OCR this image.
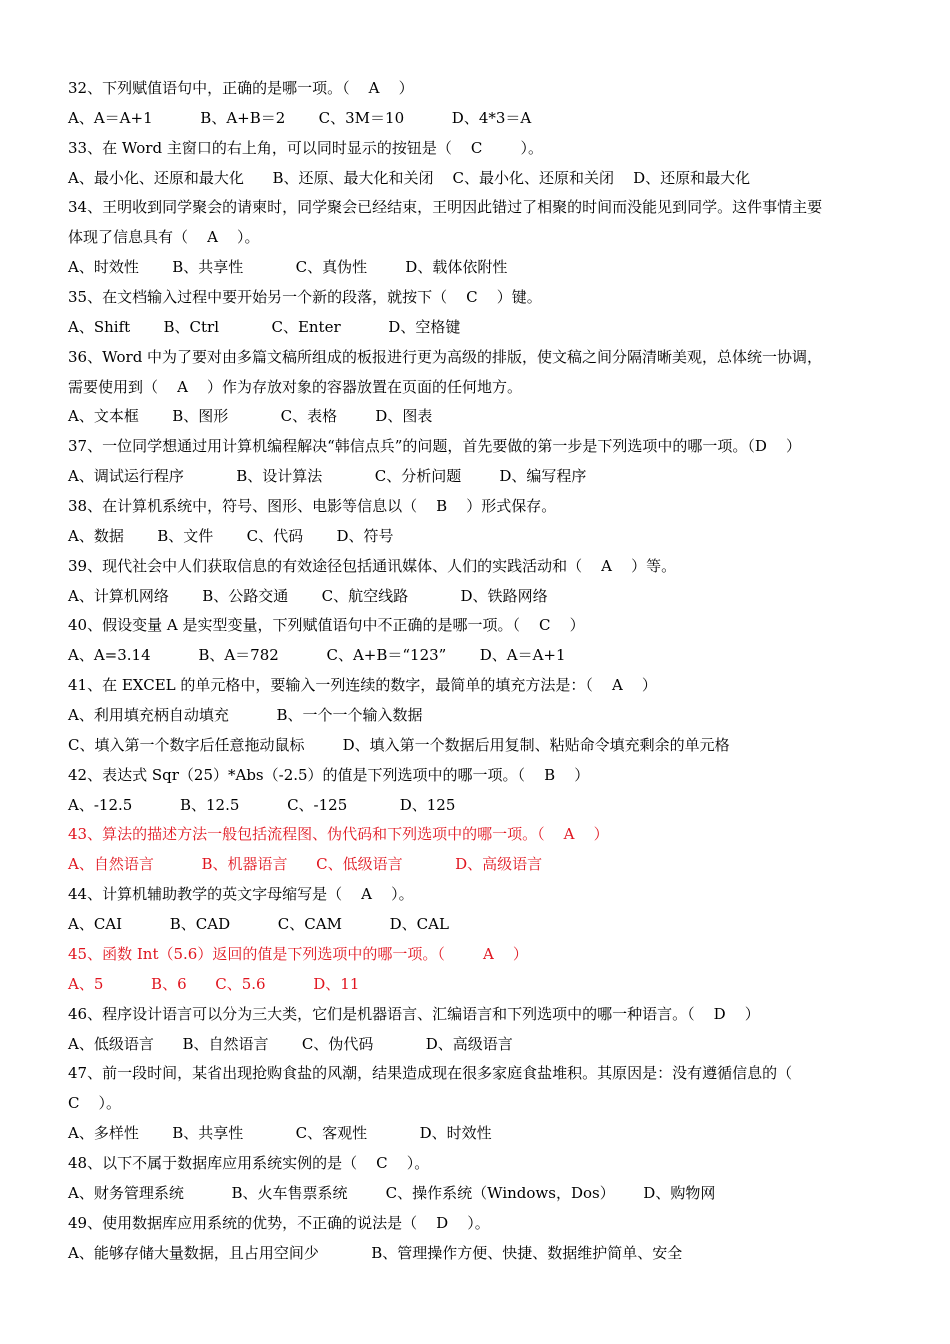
32、下列赋值语句中，正确的是哪一项。（    A    ）
A、A＝A+1          B、A+B＝2       C、3M＝10          D、4*3＝A
33、在 Word 主窗口的右上角，可以同时显示的按钮是（    C        ）。
A、最小化、还原和最大化      B、还原、最大化和关闭    C、最小化、还原和关闭    D、还原和最大化
34、王明收到同学聚会的请柬时，同学聚会已经结束，王明因此错过了相聚的时间而没能见到同学。这件事情主要
体现了信息具有（    A    ）。
A、时效性       B、共享性           C、真伪性        D、载体依附性
35、在文档输入过程中要开始另一个新的段落，就按下（    C    ）键。
A、Shift       B、Ctrl           C、Enter          D、空格键
36、Word 中为了要对由多篇文稿所组成的板报进行更为高级的排版，使文稿之间分隔清晰美观，总体统一协调，
需要使用到（    A    ）作为存放对象的容器放置在页面的任何地方。
A、文本框       B、图形           C、表格        D、图表
37、一位同学想通过用计算机编程解决“韩信点兵”的问题，首先要做的第一步是下列选项中的哪一项。（D    ）
A、调试运行程序           B、设计算法           C、分析问题        D、编写程序
38、在计算机系统中，符号、图形、电影等信息以（    B    ）形式保存。
A、数据       B、文件       C、代码       D、符号
39、现代社会中人们获取信息的有效途径包括通讯媒体、人们的实践活动和（    A    ）等。
A、计算机网络       B、公路交通       C、航空线路           D、铁路网络
40、假设变量 A 是实型变量，下列赋值语句中不正确的是哪一项。（    C    ）
A、A=3.14          B、A＝782          C、A+B＝“123”       D、A＝A+1
41、在 EXCEL 的单元格中，要输入一列连续的数字，最简单的填充方法是：（    A    ）
A、利用填充柄自动填充          B、一个一个输入数据
C、填入第一个数字后任意拖动鼠标        D、填入第一个数据后用复制、粘贴命令填充剩余的单元格
42、表达式 Sqr（25）*Abs（-2.5）的值是下列选项中的哪一项。（    B    ）
A、-12.5          B、12.5          C、-125           D、125
43、算法的描述方法一般包括流程图、伪代码和下列选项中的哪一项。（    A    ）
A、自然语言          B、机器语言      C、低级语言           D、高级语言
44、计算机辅助教学的英文字母缩写是（    A    ）。
A、CAI          B、CAD          C、CAM          D、CAL
45、函数 Int（5.6）返回的值是下列选项中的哪一项。（        A    ）
A、5          B、6      C、5.6          D、11
46、程序设计语言可以分为三大类，它们是机器语言、汇编语言和下列选项中的哪一种语言。（    D    ）
A、低级语言      B、自然语言       C、伪代码           D、高级语言
47、前一段时间，某省出现抢购食盐的风潮，结果造成现在很多家庭食盐堆积。其原因是：没有遵循信息的（
C    ）。
A、多样性       B、共享性           C、客观性           D、时效性
48、以下不属于数据库应用系统实例的是（    C    ）。
A、财务管理系统          B、火车售票系统        C、操作系统（Windows，Dos）      D、购物网
49、使用数据库应用系统的优势，不正确的说法是（    D    ）。
A、能够存储大量数据，且占用空间少           B、管理操作方便、快捷、数据维护简单、安全
